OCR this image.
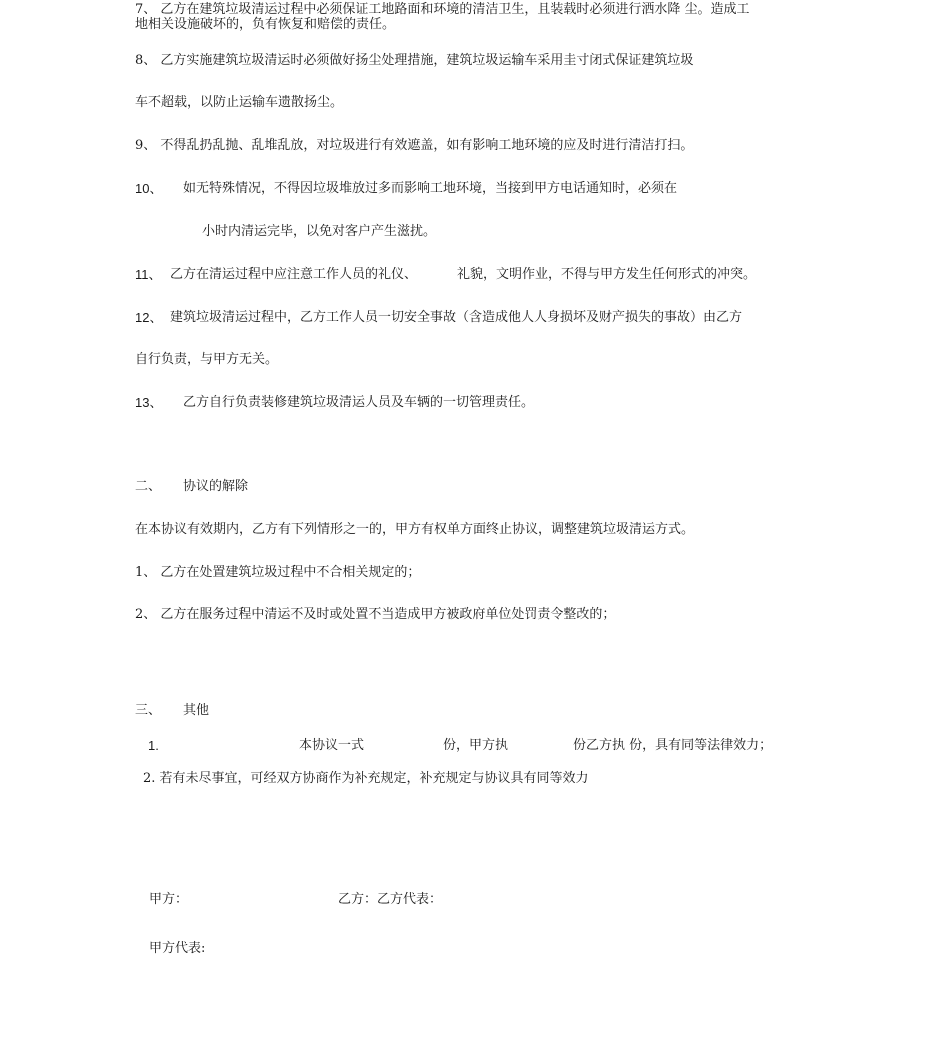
7、 乙方在建筑垃圾清运过程中必须保证工地路面和环境的清洁卫生，且装载时必须进行洒水降 尘。造成工
地相关设施破坏的，负有恢复和赔偿的责任。
8、 乙方实施建筑垃圾清运时必须做好扬尘处理措施，建筑垃圾运输车采用圭寸闭式保证建筑垃圾
车不超载，以防止运输车遗散扬尘。
9、 不得乱扔乱抛、乱堆乱放，对垃圾进行有效遮盖，如有影响工地环境的应及时进行清洁打扫。
10、 如无特殊情况，不得因垃圾堆放过多而影响工地环境，当接到甲方电话通知时，必须在
小时内清运完毕，以免对客户产生滋扰。
11、 乙方在清运过程中应注意工作人员的礼仪、	礼貌，文明作业，不得与甲方发生任何形式的冲突。
12、 建筑垃圾清运过程中，乙方工作人员一切安全事故（含造成他人人身损坏及财产损失的事故）由乙方
自行负责，与甲方无关。
13、 乙方自行负责装修建筑垃圾清运人员及车辆的一切管理责任。
二、 协议的解除
在本协议有效期内，乙方有下列情形之一的，甲方有权单方面终止协议，调整建筑垃圾清运方式。
1、 乙方在处置建筑垃圾过程中不合相关规定的；
2、 乙方在服务过程中清运不及时或处置不当造成甲方被政府单位处罚责令整改的；
三、 其他
1.	本协议一式	份，甲方执	份乙方执 份，具有同等法律效力；
2. 若有未尽事宜，可经双方协商作为补充规定，补充规定与协议具有同等效力
甲方：	乙方：乙方代表：
甲方代表:
